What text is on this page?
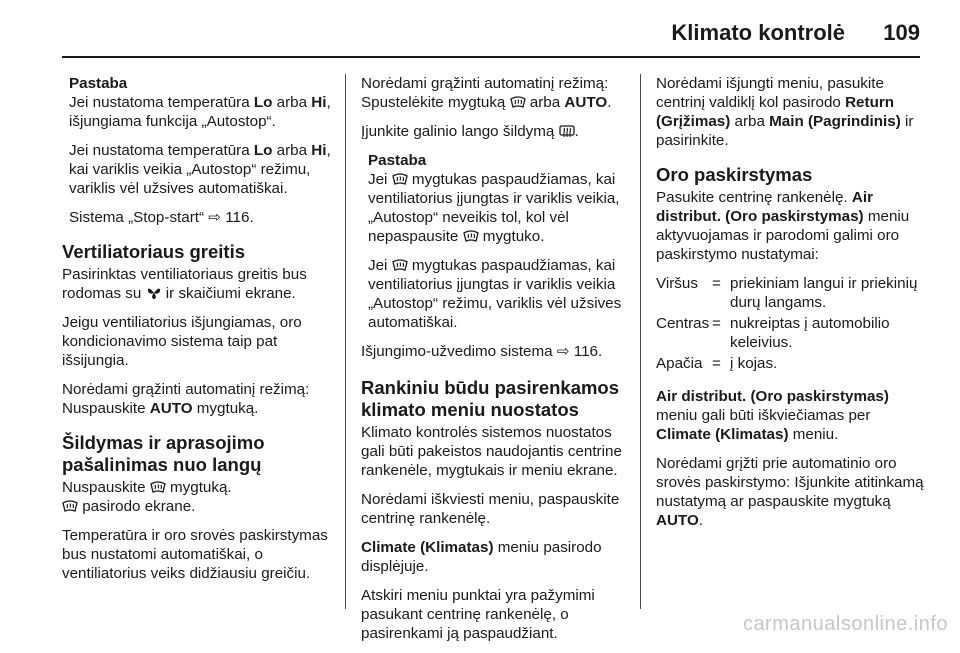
Klimato kontrolė 109

Pastaba

Jei nustatoma temperatūra Lo arba Hi, išjungiama funkcija „Autostop“.

Jei nustatoma temperatūra Lo arba Hi, kai variklis veikia „Autostop“ režimu, variklis vėl užsives automatiškai.

Sistema „Stop-start“ ⇨ 116.

Vertiliatoriaus greitis

Pasirinktas ventiliatoriaus greitis bus rodomas su  ir skaičiumi ekrane.

Jeigu ventiliatorius išjungiamas, oro kondicionavimo sistema taip pat išsijungia.

Norėdami grąžinti automatinį režimą: Nuspauskite AUTO mygtuką.

Šildymas ir aprasojimo pašalinimas nuo langų

Nuspauskite  mygtuką.

pasirodo ekrane.

Temperatūra ir oro srovės paskirstymas bus nustatomi automatiškai, o ventiliatorius veiks didžiausiu greičiu.

Norėdami grąžinti automatinį režimą: Spustelėkite mygtuką  arba AUTO.

Įjunkite galinio lango šildymą .

Pastaba

Jei  mygtukas paspaudžiamas, kai ventiliatorius įjungtas ir variklis veikia, „Autostop“ neveikis tol, kol vėl nepaspausite  mygtuko.

Jei  mygtukas paspaudžiamas, kai ventiliatorius įjungtas ir variklis veikia „Autostop“ režimu, variklis vėl užsives automatiškai.

Išjungimo-užvedimo sistema ⇨ 116.

Rankiniu būdu pasirenkamos klimato meniu nuostatos

Klimato kontrolės sistemos nuostatos gali būti pakeistos naudojantis centrine rankenėle, mygtukais ir meniu ekrane.

Norėdami iškviesti meniu, paspauskite centrinę rankenėlę.

Climate (Klimatas) meniu pasirodo displėjuje.

Atskiri meniu punktai yra pažymimi pasukant centrinę rankenėlę, o pasirenkami ją paspaudžiant.

Norėdami išjungti meniu, pasukite centrinį valdiklį kol pasirodo Return (Grįžimas) arba Main (Pagrindinis) ir pasirinkite.

Oro paskirstymas

Pasukite centrinę rankenėlę. Air distribut. (Oro paskirstymas) meniu aktyvuojamas ir parodomi galimi oro paskirstymo nustatymai:

Viršus = priekiniam langui ir priekinių durų langams.
Centras = nukreiptas į automobilio keleivius.
Apačia = į kojas.

Air distribut. (Oro paskirstymas) meniu gali būti iškviečiamas per Climate (Klimatas) meniu.

Norėdami grįžti prie automatinio oro srovės paskirstymo: Išjunkite atitinkamą nustatymą ar paspauskite mygtuką AUTO.

carmanualsonline.info
